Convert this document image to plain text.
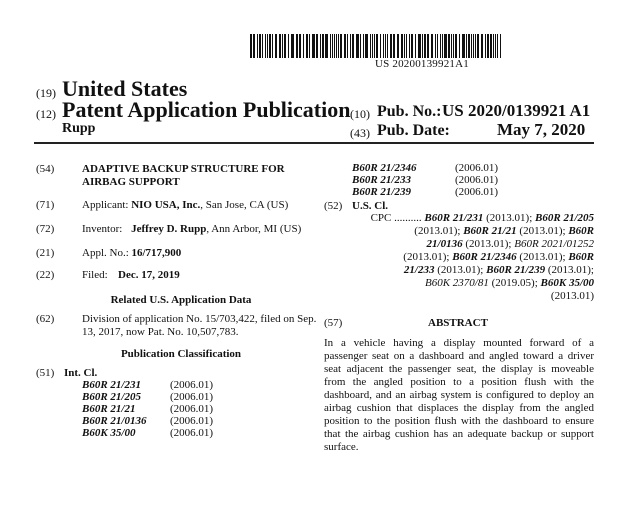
US 20200139921A1
(19) United States
(12) Patent Application Publication
Rupp
(10) Pub. No.: US 2020/0139921 A1
(43) Pub. Date:	May 7, 2020
(54)	ADAPTIVE BACKUP STRUCTURE FOR
AIRBAG SUPPORT
(71)	Applicant: NIO USA, Inc., San Jose, CA (US)
(72)	Inventor: Jeffrey D. Rupp, Ann Arbor, MI (US)
(21)	Appl. No.: 16/717,900
(22)	Filed: Dec. 17, 2019
Related U.S. Application Data
(62)	Division of application No. 15/703,422, filed on Sep.
13, 2017, now Pat. No. 10,507,783.
Publication Classification
(51) Int. Cl.
B60R 21/231	(2006.01)
B60R 21/205	(2006.01)
B60R 21/21	(2006.01)
B60R 21/0136 (2006.01)
B60K 35/00	(2006.01)
B60R 21/2346	(2006.01)
B60R 21/233	(2006.01)
B60R 21/239	(2006.01)
(52) U.S. Cl.
CPC .......... B60R 21/231 (2013.01); B60R 21/205
(2013.01); B60R 21/21 (2013.01); B60R
21/0136 (2013.01); B60R 2021/01252
(2013.01); B60R 21/2346 (2013.01); B60R
21/233 (2013.01); B60R 21/239 (2013.01);
B60K 2370/81 (2019.05); B60K 35/00
(2013.01)
(57)	ABSTRACT
In a vehicle having a display mounted forward of a passenger seat on a dashboard and angled toward a driver seat adjacent the passenger seat, the display is moveable from the angled position to a position flush with the dashboard, and an airbag system is configured to deploy an airbag cushion that displaces the display from the angled position to the position flush with the dashboard to ensure that the airbag cushion has an adequate backup or support surface.
